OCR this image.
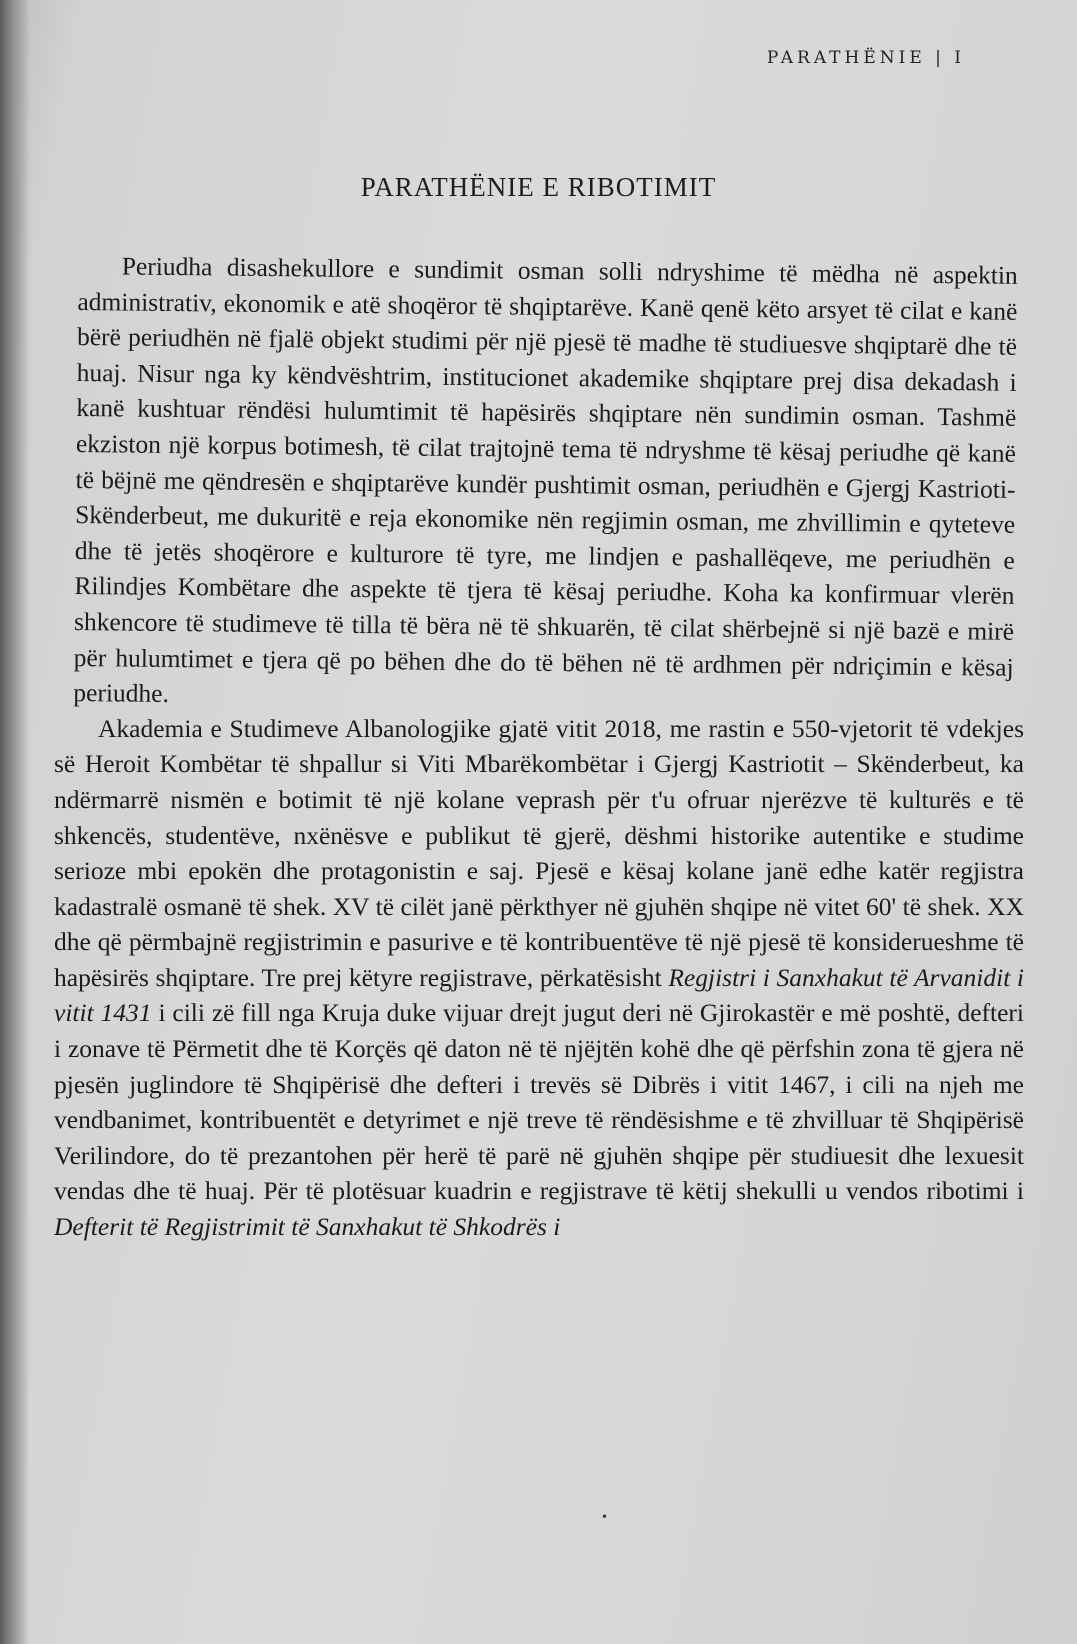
PARATHËNIE | I
PARATHËNIE E RIBOTIMIT

Periudha disashekullore e sundimit osman solli ndryshime të mëdha në aspektin administrativ, ekonomik e atë shoqëror të shqiptarëve. Kanë qenë këto arsyet të cilat e kanë bërë periudhën në fjalë objekt studimi për një pjesë të madhe të studiuesve shqiptarë dhe të huaj. Nisur nga ky këndvështrim, institucionet akademike shqiptare prej disa dekadash i kanë kushtuar rëndësi hulumtimit të hapësirës shqiptare nën sundimin osman. Tashmë ekziston një korpus botimesh, të cilat trajtojnë tema të ndryshme të kësaj periudhe që kanë të bëjnë me qëndresën e shqiptarëve kundër pushtimit osman, periudhën e Gjergj Kastrioti-Skënderbeut, me dukuritë e reja ekonomike nën regjimin osman, me zhvillimin e qyteteve dhe të jetës shoqërore e kulturore të tyre, me lindjen e pashallëqeve, me periudhën e Rilindjes Kombëtare dhe aspekte të tjera të kësaj periudhe. Koha ka konfirmuar vlerën shkencore të studimeve të tilla të bëra në të shkuarën, të cilat shërbejnë si një bazë e mirë për hulumtimet e tjera që po bëhen dhe do të bëhen në të ardhmen për ndriçimin e kësaj periudhe.

Akademia e Studimeve Albanologjike gjatë vitit 2018, me rastin e 550-vjetorit të vdekjes së Heroit Kombëtar të shpallur si Viti Mbarëkombëtar i Gjergj Kastriotit – Skënderbeut, ka ndërmarrë nismën e botimit të një kolane veprash për t'u ofruar njerëzve të kulturës e të shkencës, studentëve, nxënësve e publikut të gjerë, dëshmi historike autentike e studime serioze mbi epokën dhe protagonistin e saj. Pjesë e kësaj kolane janë edhe katër regjistra kadastralë osmanë të shek. XV të cilët janë përkthyer në gjuhën shqipe në vitet 60' të shek. XX dhe që përmbajnë regjistrimin e pasurive e të kontribuentëve të një pjesë të konsiderueshme të hapësirës shqiptare. Tre prej këtyre regjistrave, përkatësisht Regjistri i Sanxhakut të Arvanidit i vitit 1431 i cili zë fill nga Kruja duke vijuar drejt jugut deri në Gjirokastër e më poshtë, defteri i zonave të Përmetit dhe të Korçës që daton në të njëjtën kohë dhe që përfshin zona të gjera në pjesën juglindore të Shqipërisë dhe defteri i trevës së Dibrës i vitit 1467, i cili na njeh me vendbanimet, kontribuentët e detyrimet e një treve të rëndësishme e të zhvilluar të Shqipërisë Verilindore, do të prezantohen për herë të parë në gjuhën shqipe për studiuesit dhe lexuesit vendas dhe të huaj. Për të plotësuar kuadrin e regjistrave të këtij shekulli u vendos ribotimi i Defterit të Regjistrimit të Sanxhakut të Shkodrës i

•
